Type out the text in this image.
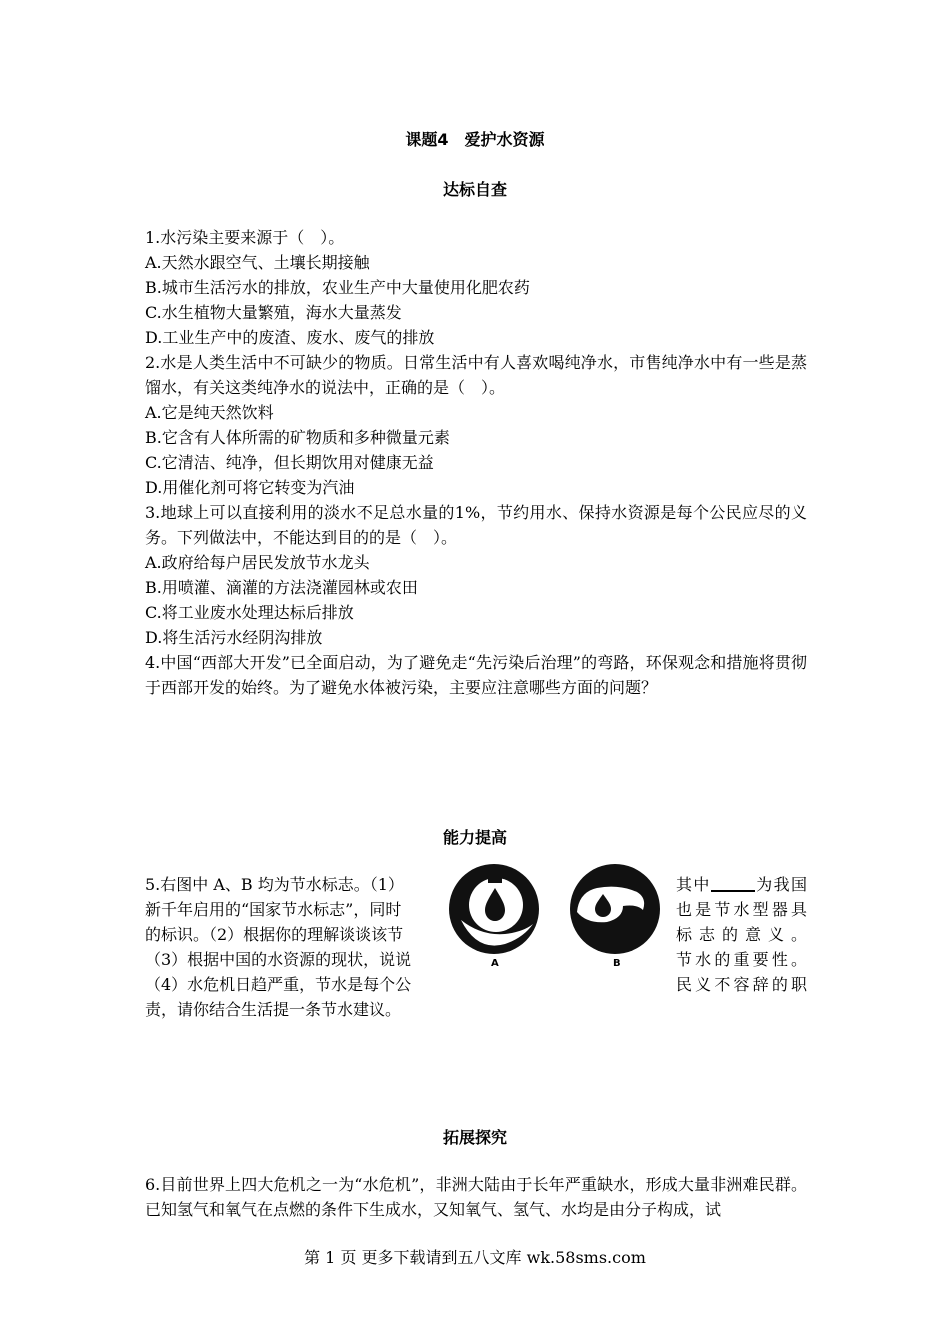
课题4　爱护水资源
达标自查

1.水污染主要来源于（　）。

A.天然水跟空气、土壤长期接触

B.城市生活污水的排放，农业生产中大量使用化肥农药

C.水生植物大量繁殖，海水大量蒸发

D.工业生产中的废渣、废水、废气的排放

2.水是人类生活中不可缺少的物质。日常生活中有人喜欢喝纯净水，市售纯净水中有一些是蒸馏水，有关这类纯净水的说法中，正确的是（　）。

A.它是纯天然饮料

B.它含有人体所需的矿物质和多种微量元素

C.它清洁、纯净，但长期饮用对健康无益

D.用催化剂可将它转变为汽油

3.地球上可以直接利用的淡水不足总水量的1%，节约用水、保持水资源是每个公民应尽的义务。下列做法中，不能达到目的的是（　）。

A.政府给每户居民发放节水龙头

B.用喷灌、滴灌的方法浇灌园林或农田

C.将工业废水处理达标后排放

D.将生活污水经阴沟排放

4.中国“西部大开发”已全面启动，为了避免走“先污染后治理”的弯路，环保观念和措施将贯彻于西部开发的始终。为了避免水体被污染，主要应注意哪些方面的问题？

能力提高

5.右图中 A、B 均为节水标志。（1）

新千年启用的“国家节水标志”，同时

的标识。（2）根据你的理解谈谈该节

（3）根据中国的水资源的现状，说说

（4）水危机日趋严重，节水是每个公

责，请你结合生活提一条节水建议。

A	B

其中	为我国

也是节水型器具

标志的意义。

节水的重要性。

民义不容辞的职

拓展探究

6.目前世界上四大危机之一为“水危机”，非洲大陆由于长年严重缺水，形成大量非洲难民群。已知氢气和氧气在点燃的条件下生成水，又知氧气、氢气、水均是由分子构成，试

第 1 页 更多下载请到五八文库 wk.58sms.com
